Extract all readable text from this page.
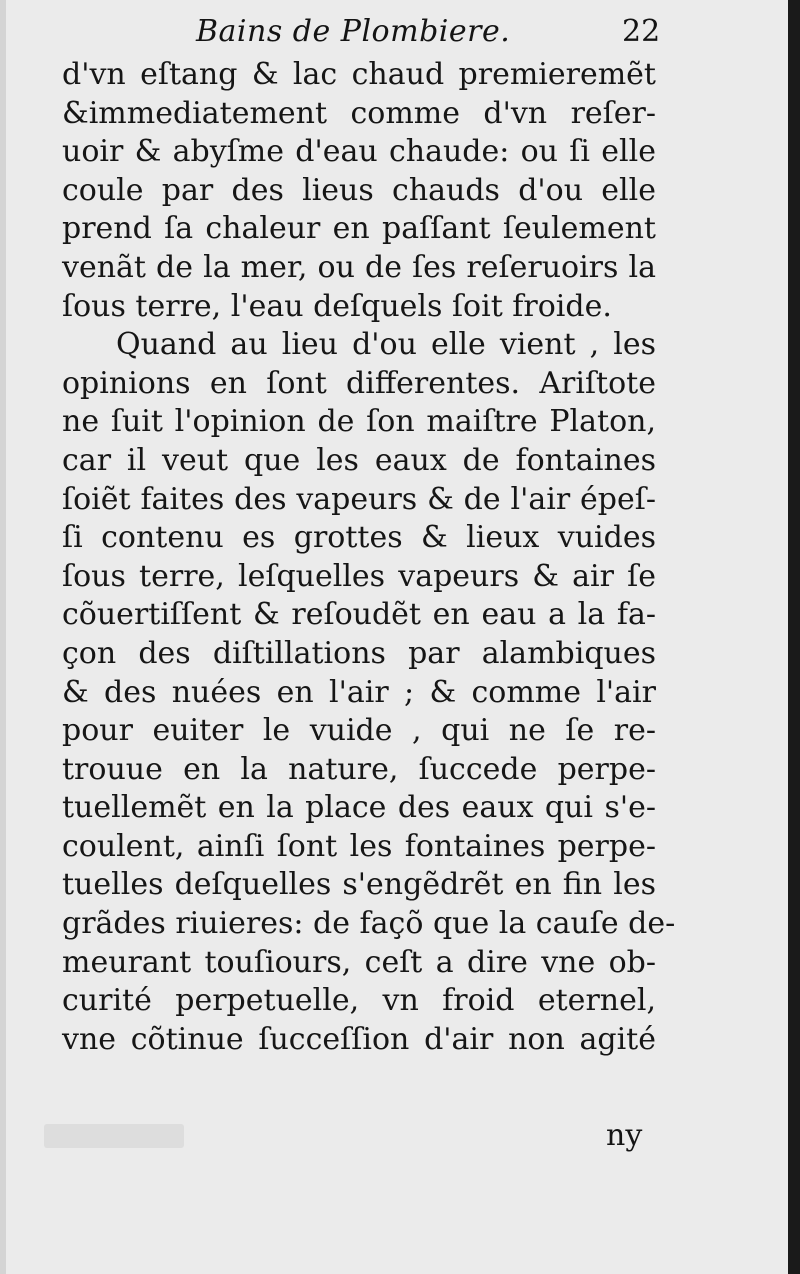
Bains de Plombiere.	22
d'vn eſtang & lac chaud premieremẽt
&immediatement comme d'vn reſer-
uoir & abyſme d'eau chaude: ou ſi elle
coule par des lieus chauds d'ou elle
prend ſa chaleur en paſſant ſeulement
venãt de la mer, ou de ſes reſeruoirs la
ſous terre, l'eau deſquels ſoit froide.
Quand au lieu d'ou elle vient , les
opinions en ſont differentes. Ariſtote
ne ſuit l'opinion de ſon maiſtre Platon,
car il veut que les eaux de fontaines
ſoiẽt faites des vapeurs & de l'air épeſ-
ſi contenu es grottes & lieux vuides
ſous terre, leſquelles vapeurs & air ſe
cõuertiſſent & reſoudẽt en eau a la fa-
çon des diſtillations par alambiques
& des nuées en l'air ; & comme l'air
pour euiter le vuide , qui ne ſe re-
trouue en la nature, ſuccede perpe-
tuellemẽt en la place des eaux qui s'e-
coulent, ainſi ſont les fontaines perpe-
tuelles deſquelles s'engẽdrẽt en fin les
grãdes riuieres: de façõ que la cauſe de-
meurant touſiours, ceſt a dire vne ob-
curité perpetuelle, vn froid eternel,
vne cõtinue ſucceſſion d'air non agité
ny
